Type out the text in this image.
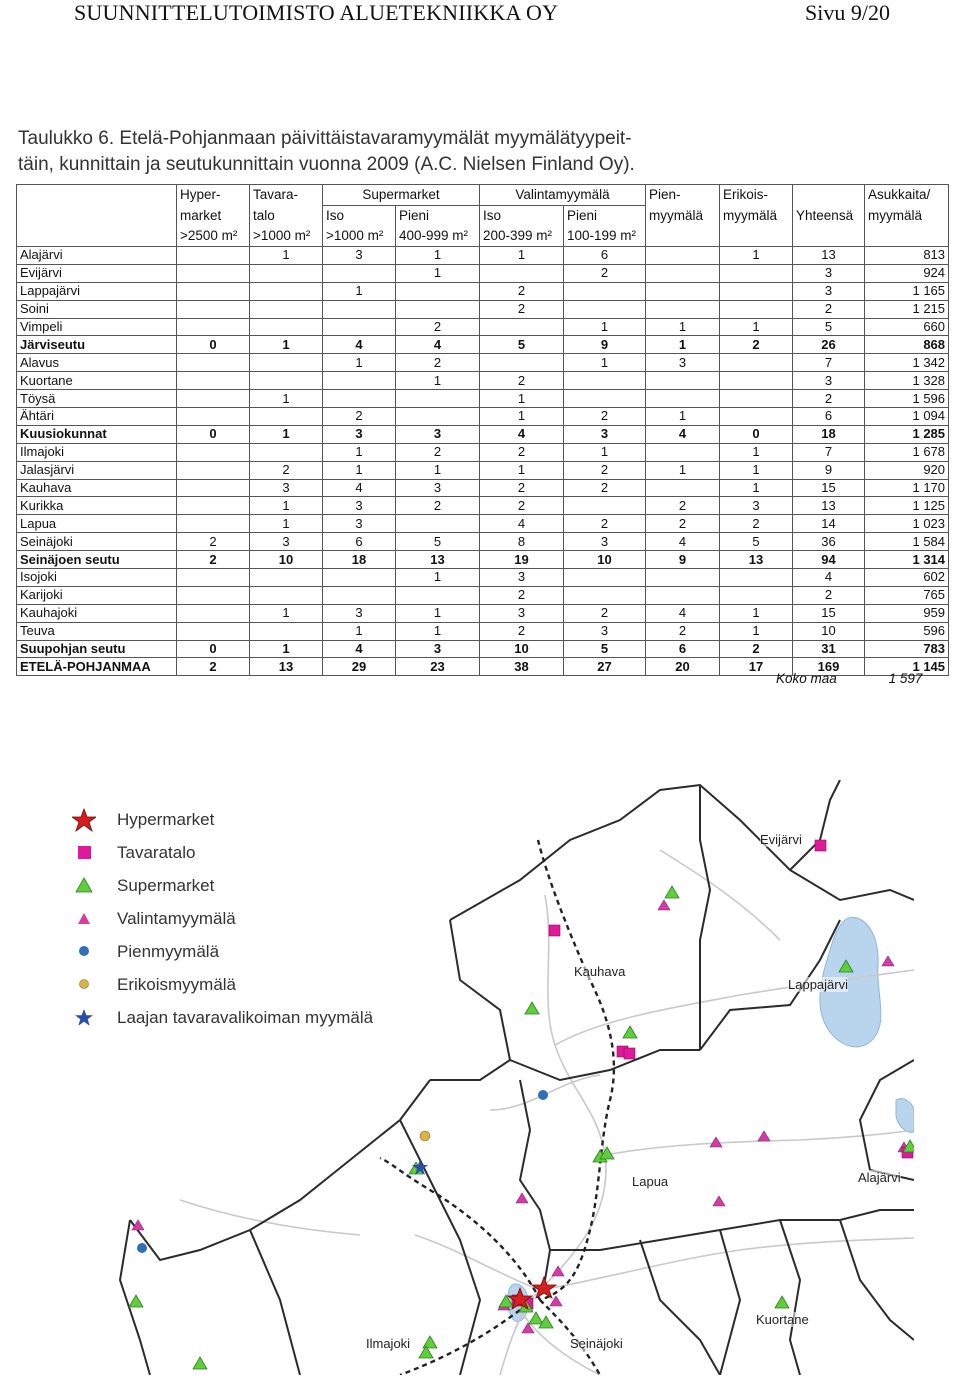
SUUNNITTELUTOIMISTO ALUETEKNIIKKA OY	Sivu 9/20
Taulukko 6. Etelä-Pohjanmaan päivittäistavaramyymälät myymälätyypeit-
täin, kunnittain ja seutukunnittain vuonna 2009 (A.C. Nielsen Finland Oy).
	Hyper-	Tavara-	Supermarket		Valintamyymälä		Pien-	Erikois-		Asukkaita/
	market	talo	Iso	Pieni	Iso	Pieni	myymälä	myymälä	Yhteensä	myymälä
	>2500 m²	>1000 m²	>1000 m²	400-999 m²	200-399 m²	100-199 m²				
Alajärvi		1	3	1	1	6		1	13	813
Evijärvi				1		2			3	924
Lappajärvi			1		2				3	1 165
Soini					2				2	1 215
Vimpeli				2		1	1	1	5	660
Järviseutu	0	1	4	4	5	9	1	2	26	868
Alavus			1	2		1	3		7	1 342
Kuortane				1	2				3	1 328
Töysä		1			1				2	1 596
Ähtäri			2		1	2	1		6	1 094
Kuusiokunnat	0	1	3	3	4	3	4	0	18	1 285
Ilmajoki			1	2	2	1		1	7	1 678
Jalasjärvi		2	1	1	1	2	1	1	9	920
Kauhava		3	4	3	2	2		1	15	1 170
Kurikka		1	3	2	2		2	3	13	1 125
Lapua		1	3		4	2	2	2	14	1 023
Seinäjoki	2	3	6	5	8	3	4	5	36	1 584
Seinäjoen seutu	2	10	18	13	19	10	9	13	94	1 314
Isojoki				1	3				4	602
Karijoki					2				2	765
Kauhajoki		1	3	1	3	2	4	1	15	959
Teuva			1	1	2	3	2	1	10	596
Suupohjan seutu	0	1	4	3	10	5	6	2	31	783
ETELÄ-POHJANMAA	2	13	29	23	38	27	20	17	169	1 145
Koko maa	1 597
Evijärvi
Kauhava
Lappajärvi
Lapua	Alajärvi
Kuortane
Ilmajoki	Seinäjoki
Hypermarket
Tavaratalo
Supermarket
Valintamyymälä
Pienmyymälä
Erikoismyymälä
Laajan tavaravalikoiman myymälä
